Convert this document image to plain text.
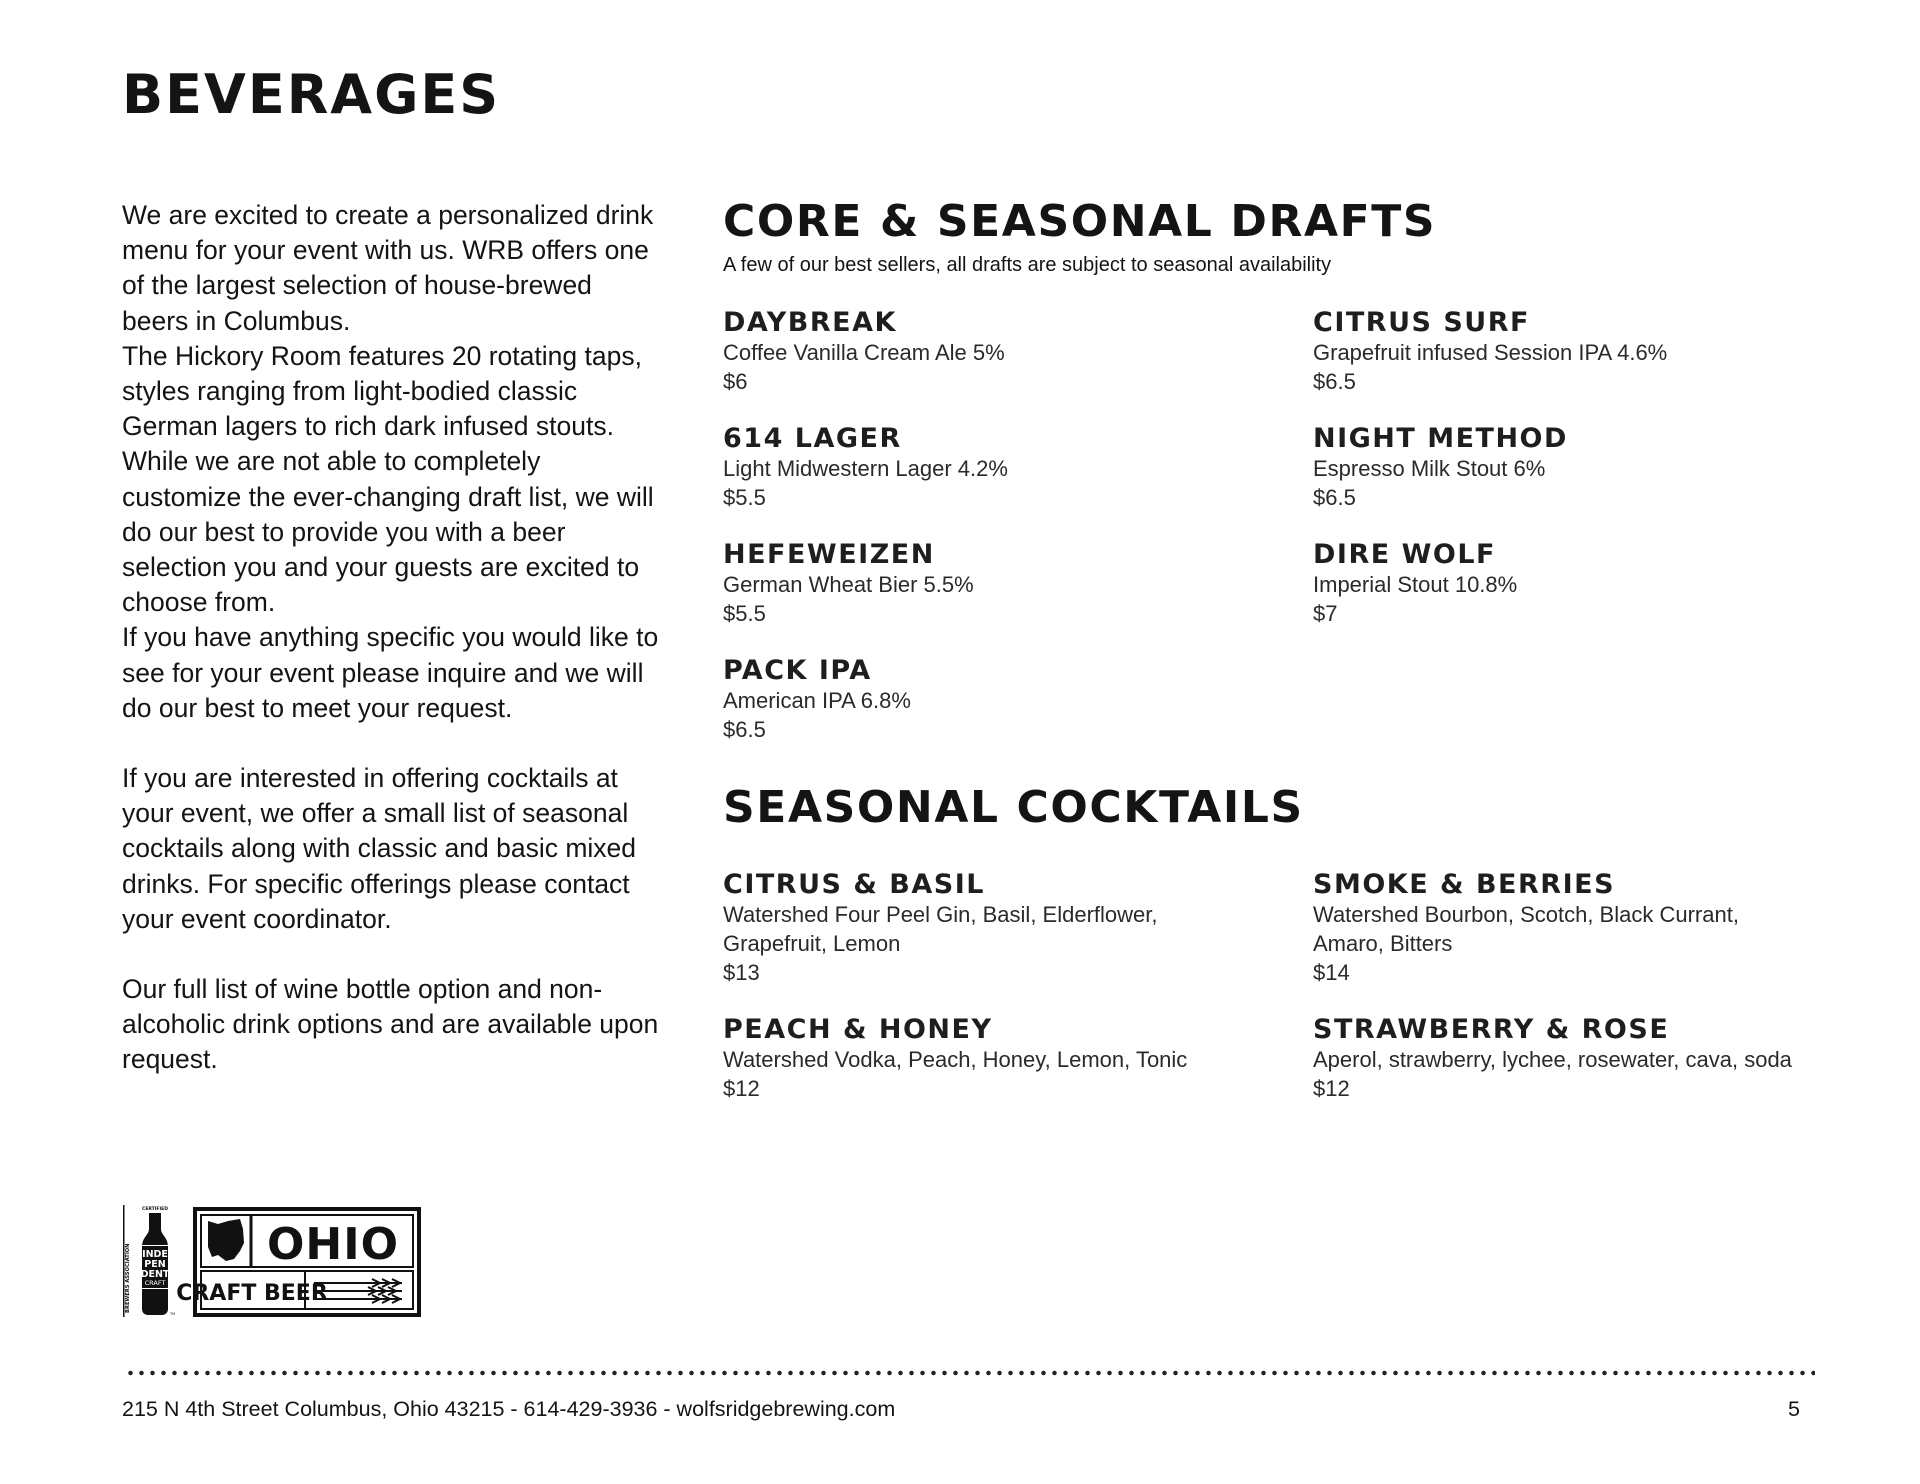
BEVERAGES

We are excited to create a personalized drink menu for your event with us. WRB offers one of the largest selection of house-brewed beers in Columbus.
The Hickory Room features 20 rotating taps, styles ranging from light-bodied classic German lagers to rich dark infused stouts. While we are not able to completely customize the ever-changing draft list, we will do our best to provide you with a beer selection you and your guests are excited to choose from.
If you have anything specific you would like to see for your event please inquire and we will do our best to meet your request.

If you are interested in offering cocktails at your event, we offer a small list of seasonal cocktails along with classic and basic mixed drinks. For specific offerings please contact your event coordinator.

Our full list of wine bottle option and non-alcoholic drink options and are available upon request.

CORE & SEASONAL DRAFTS
A few of our best sellers, all drafts are subject to seasonal availability
DAYBREAK
Coffee Vanilla Cream Ale 5%
$6
CITRUS SURF
Grapefruit infused Session IPA 4.6%
$6.5
614 LAGER
Light Midwestern Lager 4.2%
$5.5
NIGHT METHOD
Espresso Milk Stout 6%
$6.5
HEFEWEIZEN
German Wheat Bier 5.5%
$5.5
DIRE WOLF
Imperial Stout 10.8%
$7
PACK IPA
American IPA 6.8%
$6.5
SEASONAL COCKTAILS
CITRUS & BASIL
Watershed Four Peel Gin, Basil, Elderflower, Grapefruit, Lemon
$13
SMOKE & BERRIES
Watershed Bourbon, Scotch, Black Currant, Amaro, Bitters
$14
PEACH & HONEY
Watershed Vodka, Peach, Honey, Lemon, Tonic
$12
STRAWBERRY & ROSE
Aperol, strawberry, lychee, rosewater, cava, soda
$12
BREWERS ASSOCIATION
CERTIFIED
INDE
PEN
DENT
CRAFT
TM
OHIO
CRAFT BEER
215 N 4th Street Columbus, Ohio 43215 - 614-429-3936 - wolfsridgebrewing.com	5
